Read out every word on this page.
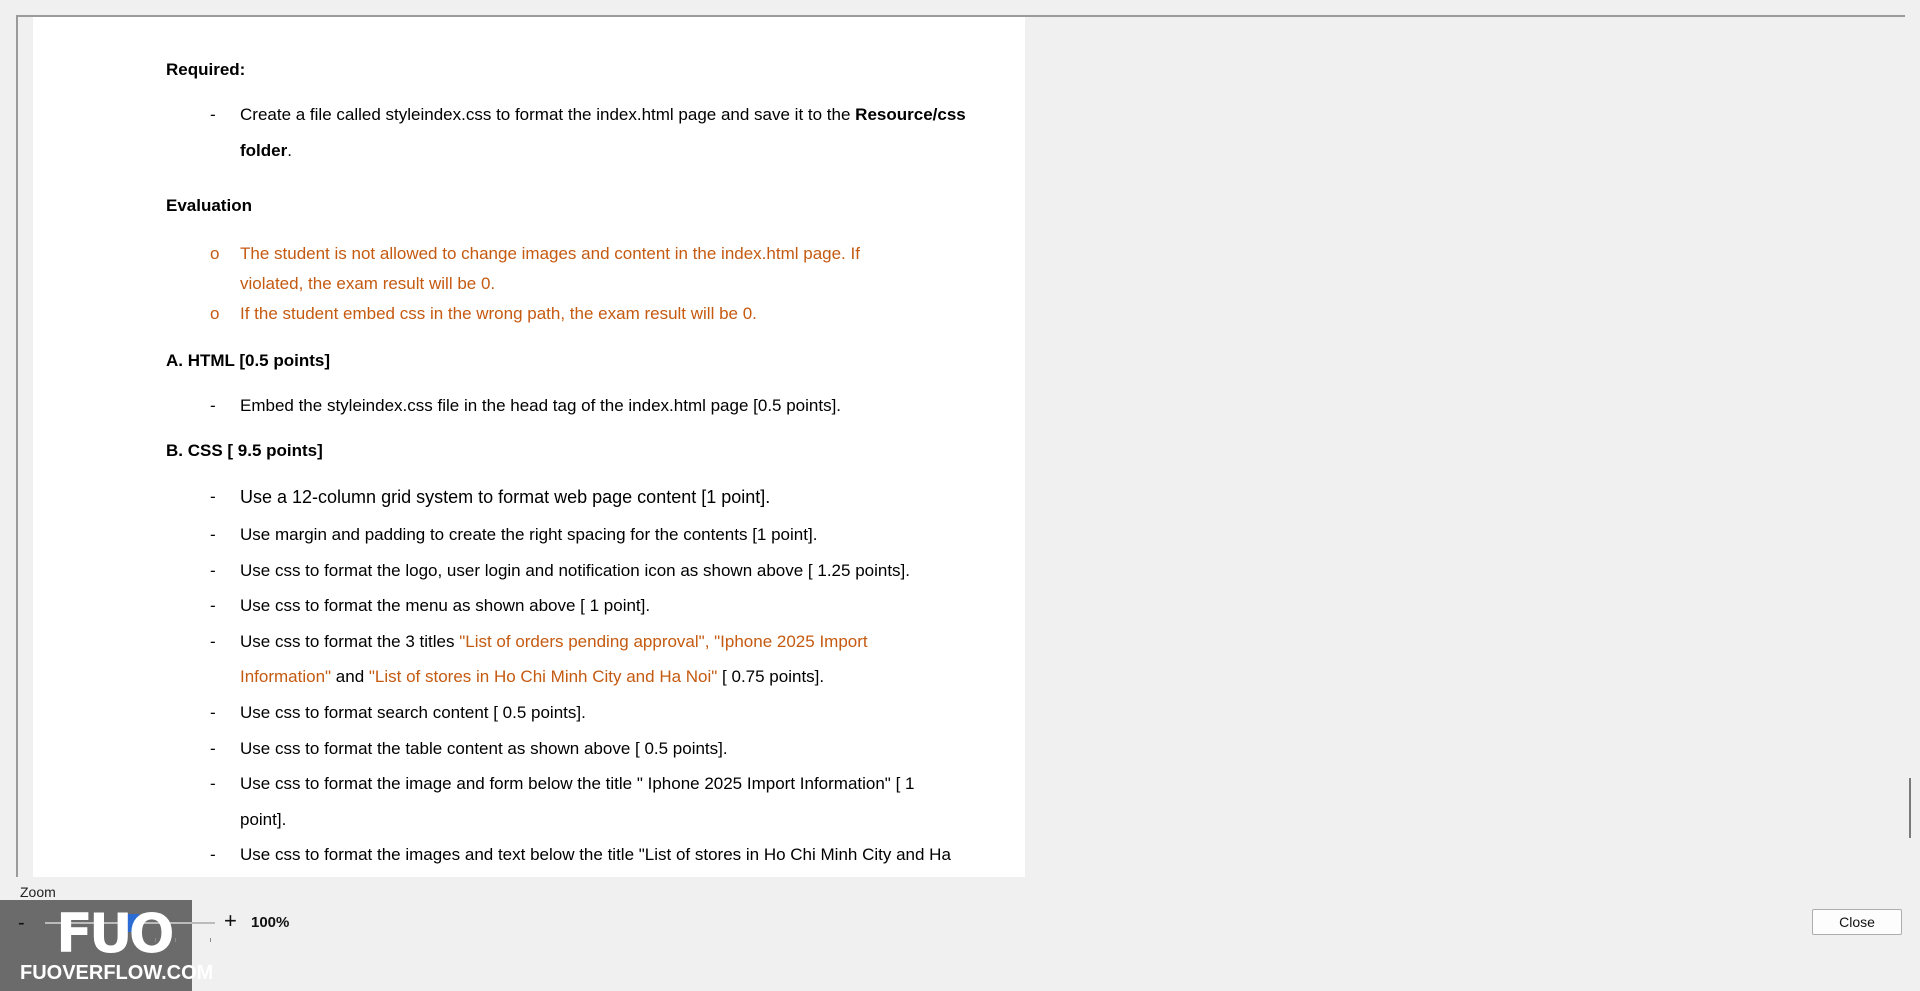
Required:
- Create a file called styleindex.css to format the index.html page and save it to the Resource/css
folder.
Evaluation
o The student is not allowed to change images and content in the index.html page. If
violated, the exam result will be 0.
o If the student embed css in the wrong path, the exam result will be 0.
A. HTML [0.5 points]
- Embed the styleindex.css file in the head tag of the index.html page [0.5 points].
B. CSS [ 9.5 points]
- Use a 12-column grid system to format web page content [1 point].
- Use margin and padding to create the right spacing for the contents [1 point].
- Use css to format the logo, user login and notification icon as shown above [ 1.25 points].
- Use css to format the menu as shown above [ 1 point].
- Use css to format the 3 titles "List of orders pending approval", "Iphone 2025 Import
Information" and "List of stores in Ho Chi Minh City and Ha Noi" [ 0.75 points].
- Use css to format search content [ 0.5 points].
- Use css to format the table content as shown above [ 0.5 points].
- Use css to format the image and form below the title " Iphone 2025 Import Information" [ 1
point].
- Use css to format the images and text below the title "List of stores in Ho Chi Minh City and Ha
Zoom
-	+ 100%
FUO
FUOVERFLOW.COM
Close
